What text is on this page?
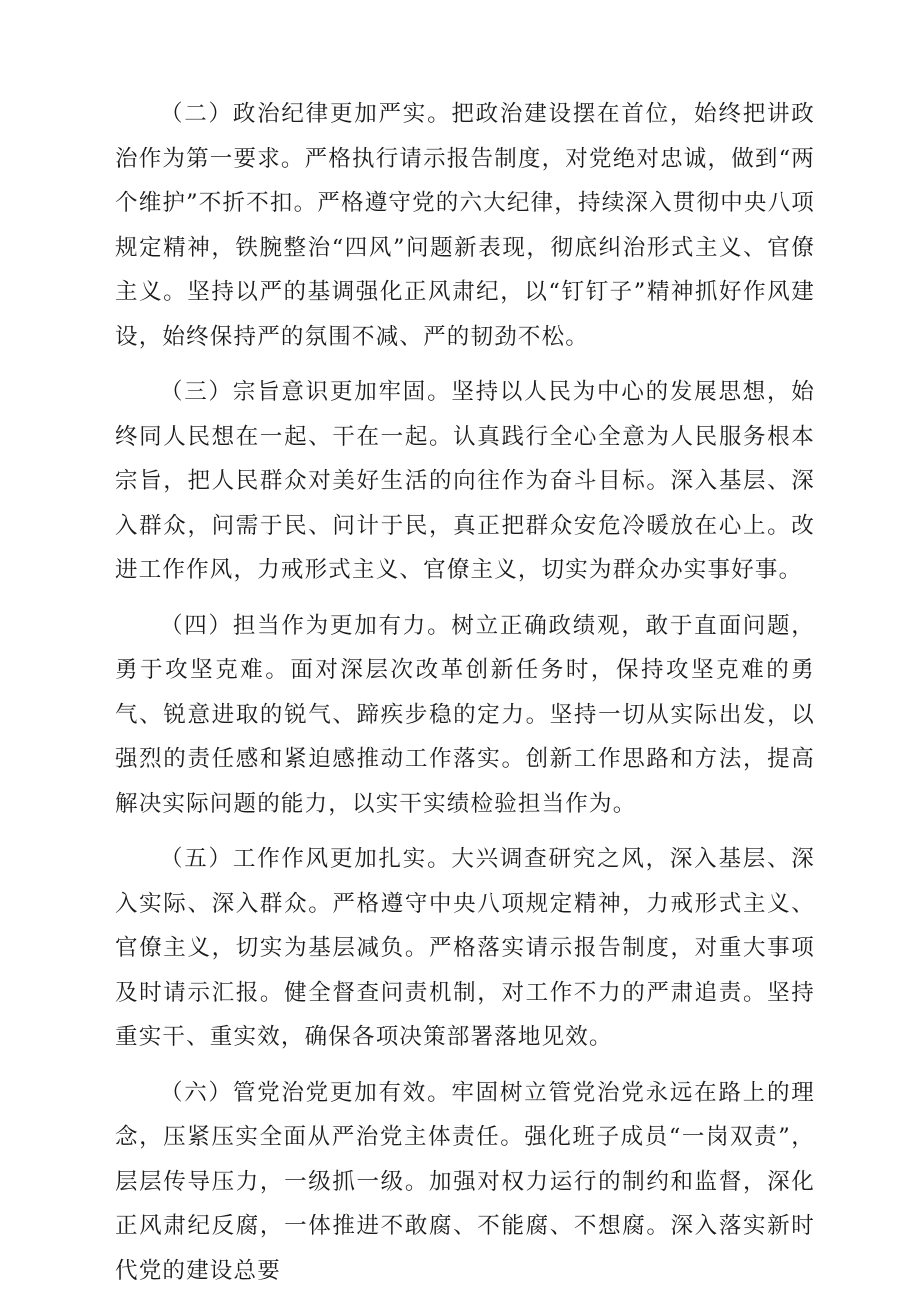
（二）政治纪律更加严实。把政治建设摆在首位，始终把讲政治作为第一要求。严格执行请示报告制度，对党绝对忠诚，做到“两个维护”不折不扣。严格遵守党的六大纪律，持续深入贯彻中央八项规定精神，铁腕整治“四风”问题新表现，彻底纠治形式主义、官僚主义。坚持以严的基调强化正风肃纪，以“钉钉子”精神抓好作风建设，始终保持严的氛围不减、严的韧劲不松。

（三）宗旨意识更加牢固。坚持以人民为中心的发展思想，始终同人民想在一起、干在一起。认真践行全心全意为人民服务根本宗旨，把人民群众对美好生活的向往作为奋斗目标。深入基层、深入群众，问需于民、问计于民，真正把群众安危冷暖放在心上。改进工作作风，力戒形式主义、官僚主义，切实为群众办实事好事。

（四）担当作为更加有力。树立正确政绩观，敢于直面问题，勇于攻坚克难。面对深层次改革创新任务时，保持攻坚克难的勇气、锐意进取的锐气、蹄疾步稳的定力。坚持一切从实际出发，以强烈的责任感和紧迫感推动工作落实。创新工作思路和方法，提高解决实际问题的能力，以实干实绩检验担当作为。

（五）工作作风更加扎实。大兴调查研究之风，深入基层、深入实际、深入群众。严格遵守中央八项规定精神，力戒形式主义、官僚主义，切实为基层减负。严格落实请示报告制度，对重大事项及时请示汇报。健全督查问责机制，对工作不力的严肃追责。坚持重实干、重实效，确保各项决策部署落地见效。

（六）管党治党更加有效。牢固树立管党治党永远在路上的理念，压紧压实全面从严治党主体责任。强化班子成员“一岗双责”，层层传导压力，一级抓一级。加强对权力运行的制约和监督，深化正风肃纪反腐，一体推进不敢腐、不能腐、不想腐。深入落实新时代党的建设总要
